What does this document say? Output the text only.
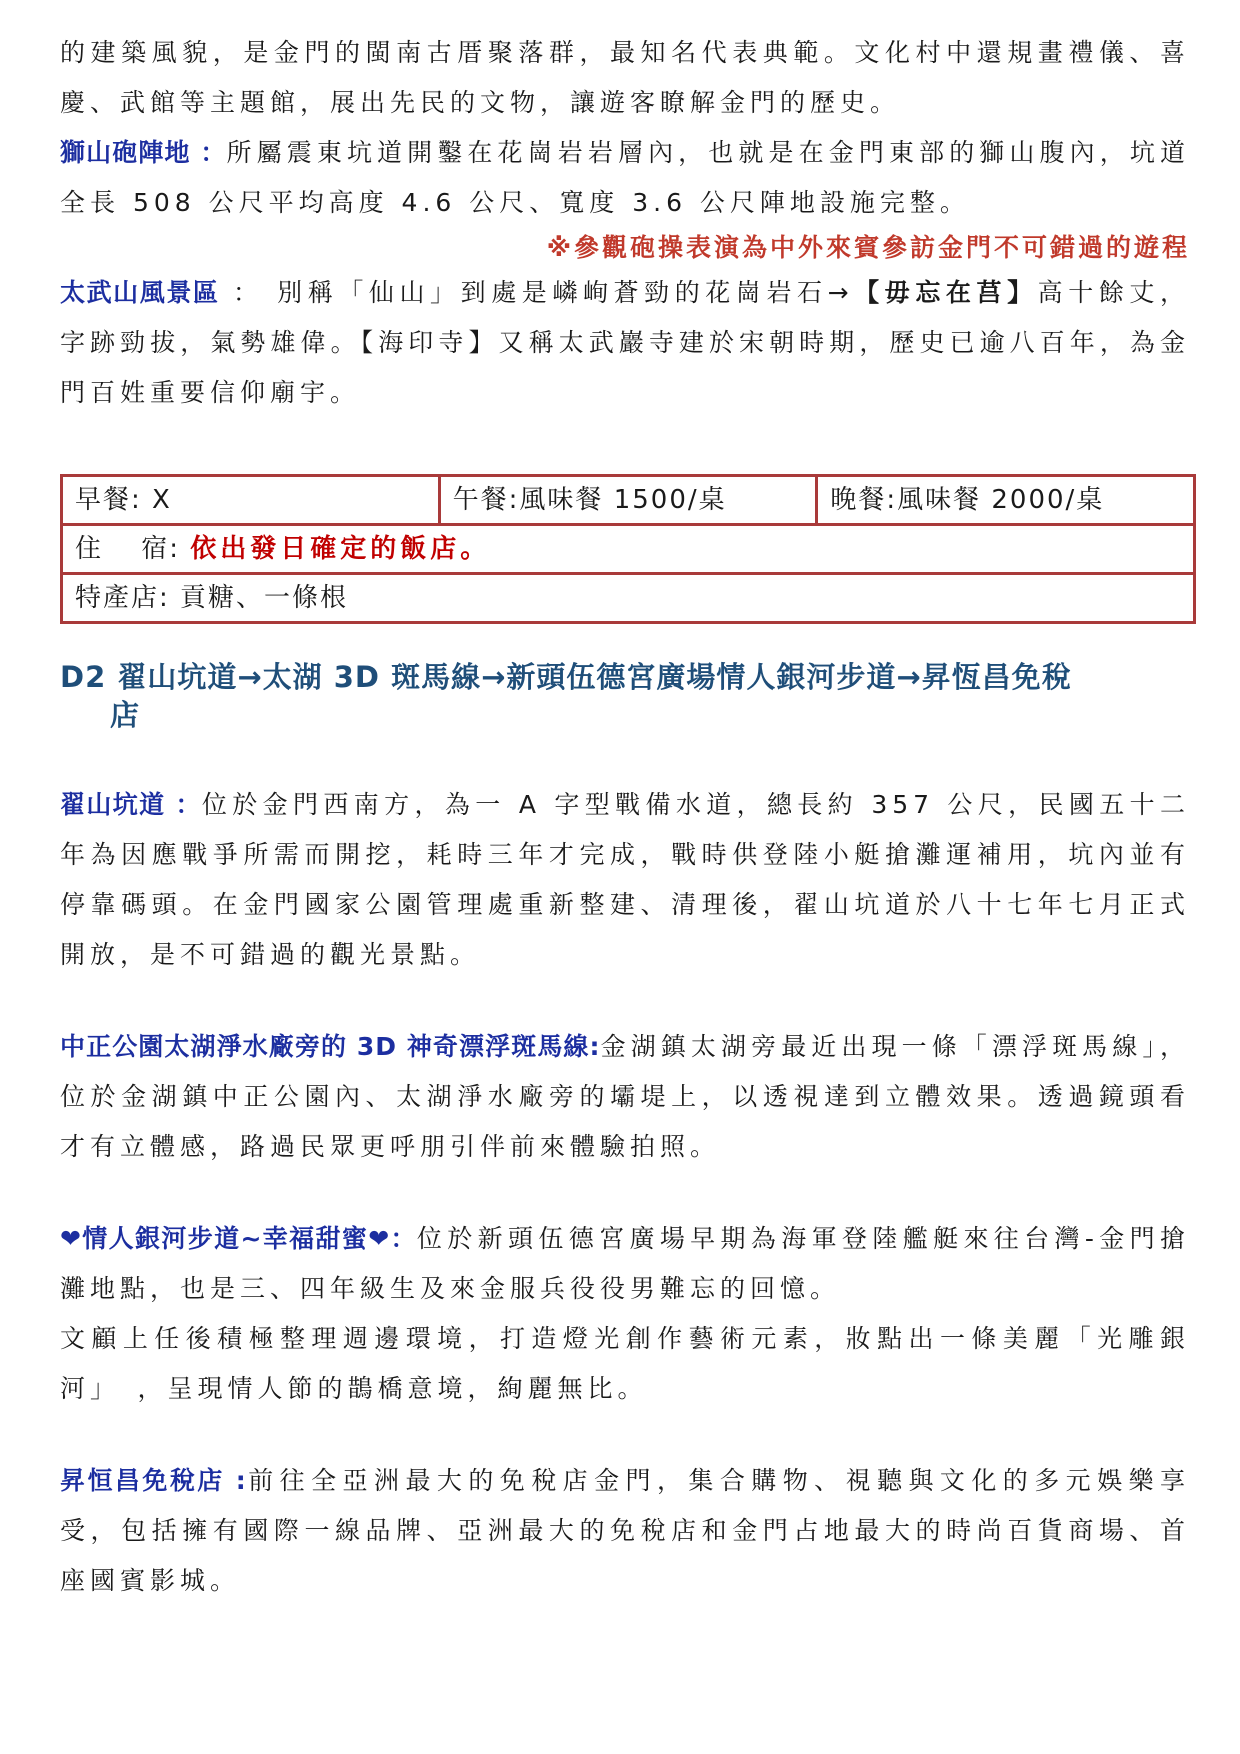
的建築風貌，是金門的閩南古厝聚落群，最知名代表典範。文化村中還規畫禮儀、喜慶、武館等主題館，展出先民的文物，讓遊客瞭解金門的歷史。

獅山砲陣地 ：所屬震東坑道開鑿在花崗岩岩層內，也就是在金門東部的獅山腹內，坑道全長 508 公尺平均高度 4.6 公尺、寬度 3.6 公尺陣地設施完整。

※參觀砲操表演為中外來賓參訪金門不可錯過的遊程

太武山風景區 ： 別稱「仙山」到處是嶙峋蒼勁的花崗岩石→【毋忘在莒】高十餘丈，字跡勁拔，氣勢雄偉。【海印寺】又稱太武巖寺建於宋朝時期，歷史已逾八百年，為金門百姓重要信仰廟宇。

早餐: X	午餐:風味餐 1500/桌	晚餐:風味餐 2000/桌
住　 宿: 依出發日確定的飯店。
特產店: 貢糖、一條根
D2 翟山坑道→太湖 3D 斑馬線→新頭伍德宮廣場情人銀河步道→昇恆昌免稅
店

翟山坑道 ：位於金門西南方，為一 A 字型戰備水道，總長約 357 公尺，民國五十二年為因應戰爭所需而開挖，耗時三年才完成，戰時供登陸小艇搶灘運補用，坑內並有停靠碼頭。在金門國家公園管理處重新整建、清理後，翟山坑道於八十七年七月正式開放，是不可錯過的觀光景點。

中正公園太湖淨水廠旁的 3D 神奇漂浮斑馬線:金湖鎮太湖旁最近出現一條「漂浮斑馬線」，位於金湖鎮中正公園內、太湖淨水廠旁的壩堤上，以透視達到立體效果。透過鏡頭看才有立體感，路過民眾更呼朋引伴前來體驗拍照。

❤情人銀河步道~幸福甜蜜❤：位於新頭伍德宮廣場早期為海軍登陸艦艇來往台灣-金門搶灘地點，也是三、四年級生及來金服兵役役男難忘的回憶。

文顧上任後積極整理週邊環境，打造燈光創作藝術元素，妝點出一條美麗「光雕銀河」　，呈現情人節的鵲橋意境，絢麗無比。

昇恒昌免稅店 :前往全亞洲最大的免稅店金門，集合購物、視聽與文化的多元娛樂享受，包括擁有國際一線品牌、亞洲最大的免稅店和金門占地最大的時尚百貨商場、首座國賓影城。
